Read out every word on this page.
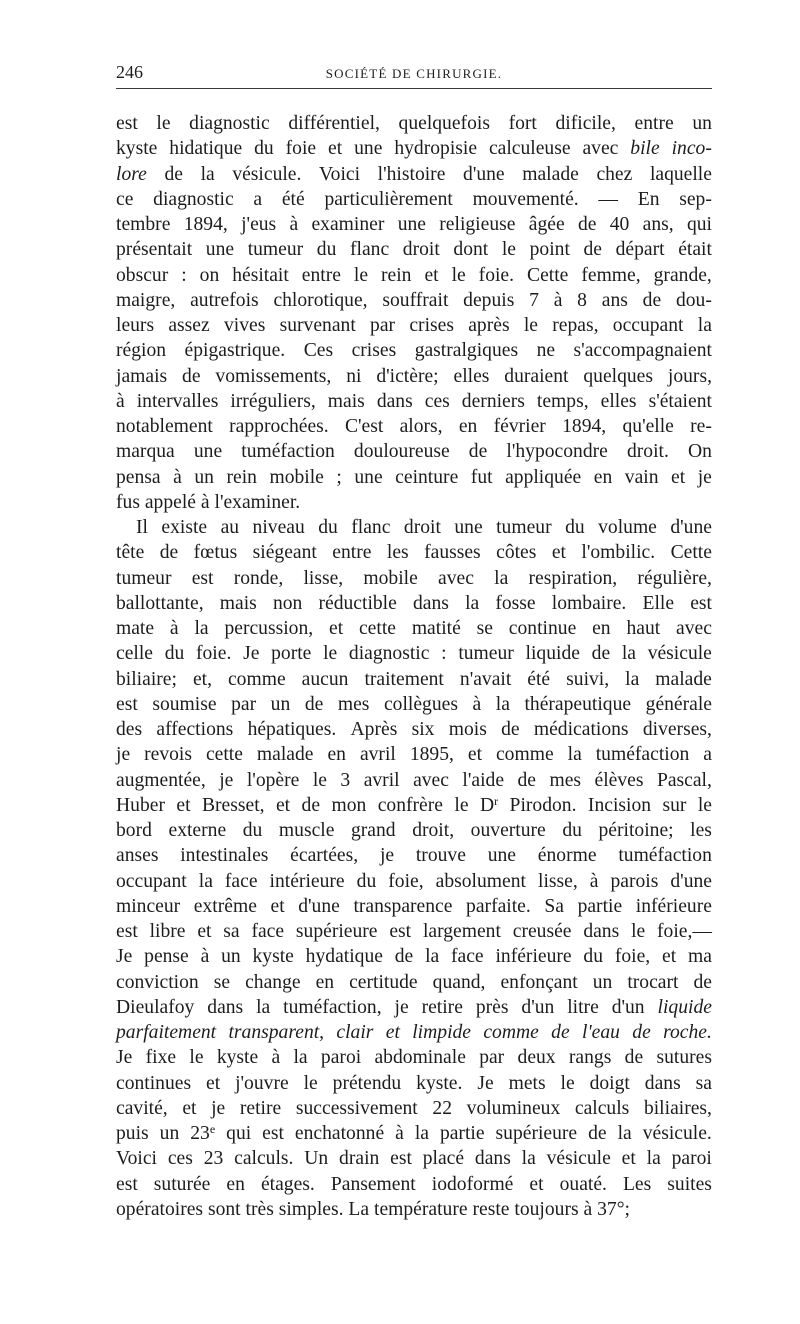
246	SOCIÉTÉ DE CHIRURGIE.
est le diagnostic différentiel, quelquefois fort dificile, entre un
kyste hidatique du foie et une hydropisie calculeuse avec bile inco-
lore de la vésicule. Voici l'histoire d'une malade chez laquelle
ce diagnostic a été particulièrement mouvementé. — En sep-
tembre 1894, j'eus à examiner une religieuse âgée de 40 ans, qui
présentait une tumeur du flanc droit dont le point de départ était
obscur : on hésitait entre le rein et le foie. Cette femme, grande,
maigre, autrefois chlorotique, souffrait depuis 7 à 8 ans de dou-
leurs assez vives survenant par crises après le repas, occupant la
région épigastrique. Ces crises gastralgiques ne s'accompagnaient
jamais de vomissements, ni d'ictère; elles duraient quelques jours,
à intervalles irréguliers, mais dans ces derniers temps, elles s'étaient
notablement rapprochées. C'est alors, en février 1894, qu'elle re-
marqua une tuméfaction douloureuse de l'hypocondre droit. On
pensa à un rein mobile ; une ceinture fut appliquée en vain et je
fus
appelé
à
l'examiner.
Il existe au niveau du flanc droit une tumeur du volume d'une
tête de fœtus siégeant entre les fausses côtes et l'ombilic. Cette
tumeur est ronde, lisse, mobile avec la respiration, régulière,
ballottante, mais non réductible dans la fosse lombaire. Elle est
mate à la percussion, et cette matité se continue en haut avec
celle du foie. Je porte le diagnostic : tumeur liquide de la vésicule
biliaire; et, comme aucun traitement n'avait été suivi, la malade
est soumise par un de mes collègues à la thérapeutique générale
des affections hépatiques. Après six mois de médications diverses,
je revois cette malade en avril 1895, et comme la tuméfaction a
augmentée, je l'opère le 3 avril avec l'aide de mes élèves Pascal,
Huber et Bresset, et de mon confrère le $D^r$ Pirodon. Incision sur le
bord externe du muscle grand droit, ouverture du péritoine; les
anses intestinales écartées, je trouve une énorme tuméfaction
occupant la face intérieure du foie, absolument lisse, à parois d'une
minceur extrême et d'une transparence parfaite. Sa partie inférieure
est libre et sa face supérieure est largement creusée dans le foie,—
Je pense à un kyste hydatique de la face inférieure du foie, et ma
conviction se change en certitude quand, enfonçant un trocart de
Dieulafoy dans la tuméfaction, je retire près d'un litre d'un liquide
parfaitement transparent, clair et limpide comme de l'eau de roche.
Je fixe le kyste à la paroi abdominale par deux rangs de sutures
continues et j'ouvre le prétendu kyste. Je mets le doigt dans sa
cavité, et je retire successivement 22 volumineux calculs biliaires,
puis un 23e qui est enchatonné à la partie supérieure de la vésicule.
Voici ces 23 calculs. Un drain est placé dans la vésicule et la paroi
est suturée en étages. Pansement iodoformé et ouaté. Les suites
opératoires
sont
très
simples.
La
température
reste
toujours
à
37°;
